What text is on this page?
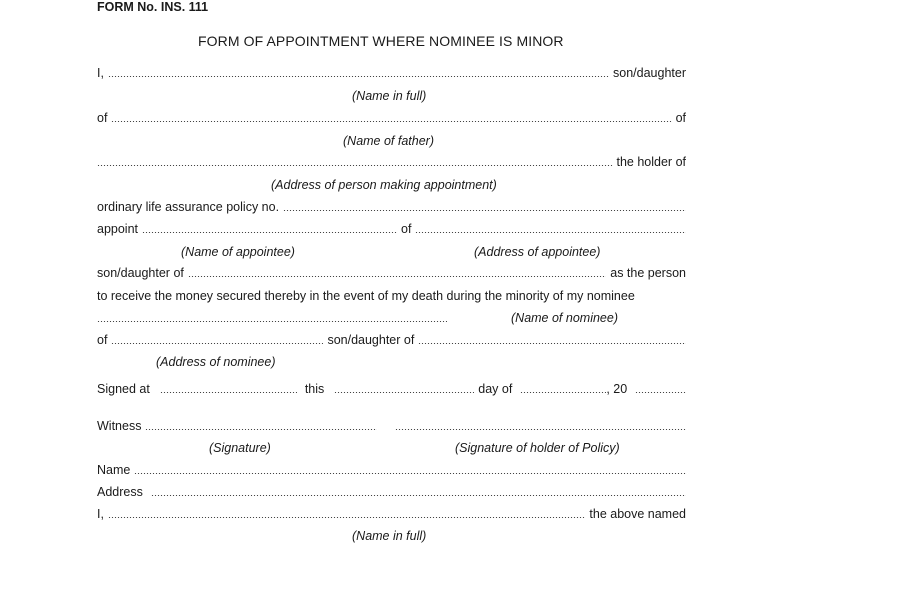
FORM No. INS. 111
FORM OF APPOINTMENT WHERE NOMINEE IS MINOR
I,	son/daughter
(Name in full)
of	of
(Name of father)
the holder of
(Address of person making appointment)
ordinary life assurance policy no.
appoint	of
(Name of appointee)	(Address of appointee)
son/daughter of	as the person
to receive the money secured thereby in the event of my death during the minority of my nominee
(Name of nominee)
of	son/daughter of
(Address of nominee)
Signed at	this	day of	, 20
Witness
(Signature)	(Signature of holder of Policy)
Name
Address
I,	the above named
(Name in full)
